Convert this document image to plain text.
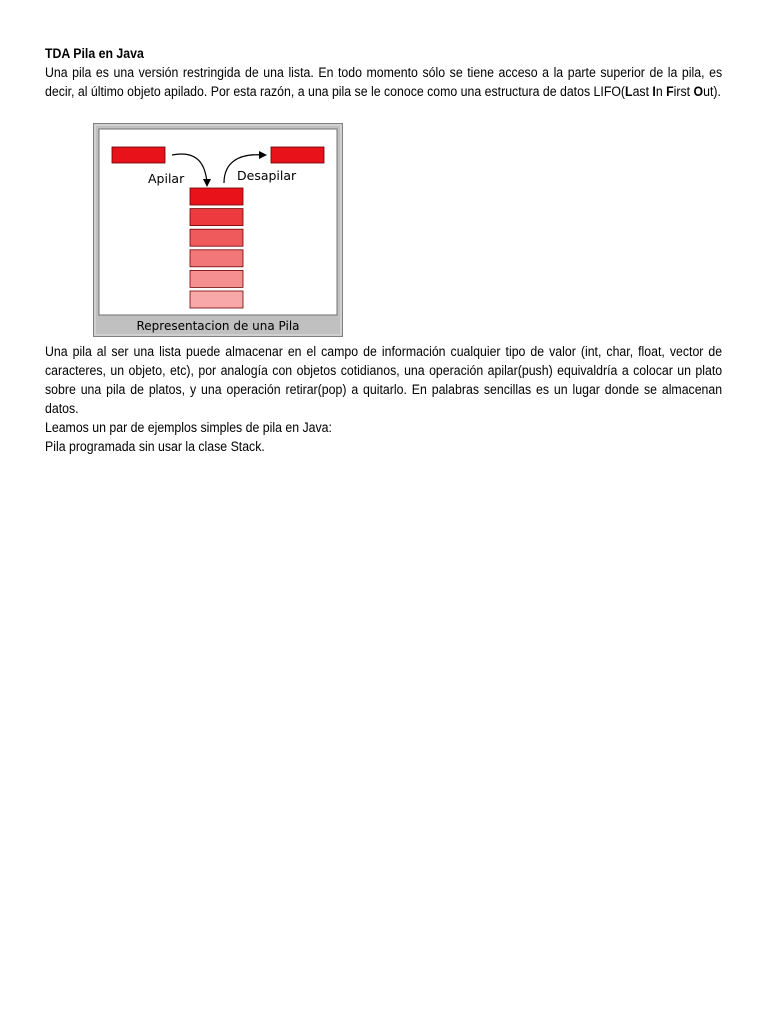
TDA Pila en Java

Una pila es una versión restringida de una lista. En todo momento sólo se tiene acceso a la parte superior de la pila, es decir, al último objeto apilado. Por esta razón, a una pila se le conoce como una estructura de datos LIFO(Last In First Out).

Apilar	Desapilar
Representacion de una Pila

Una pila al ser una lista puede almacenar en el campo de información cualquier tipo de valor (int, char, float, vector de caracteres, un objeto, etc), por analogía con objetos cotidianos, una operación apilar(push) equivaldría a colocar un plato sobre una pila de platos, y una operación retirar(pop) a quitarlo. En palabras sencillas es un lugar donde se almacenan datos.

Leamos un par de ejemplos simples de pila en Java:

Pila programada sin usar la clase Stack.
